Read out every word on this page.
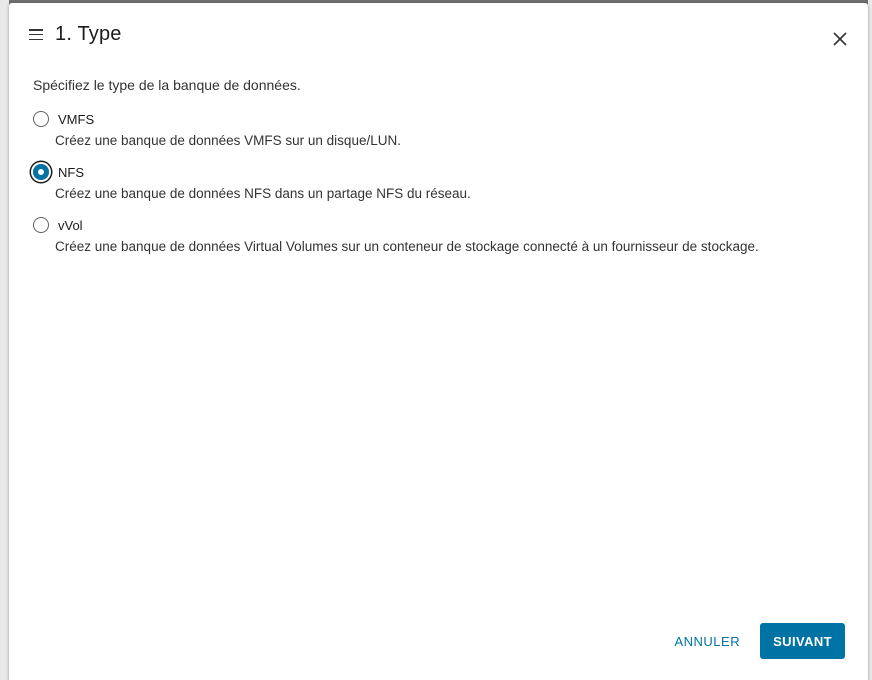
1. Type

Spécifiez le type de la banque de données.

VMFS
Créez une banque de données VMFS sur un disque/LUN.
NFS
Créez une banque de données NFS dans un partage NFS du réseau.
vVol
Créez une banque de données Virtual Volumes sur un conteneur de stockage connecté à un fournisseur de stockage.
ANNULER	SUIVANT
